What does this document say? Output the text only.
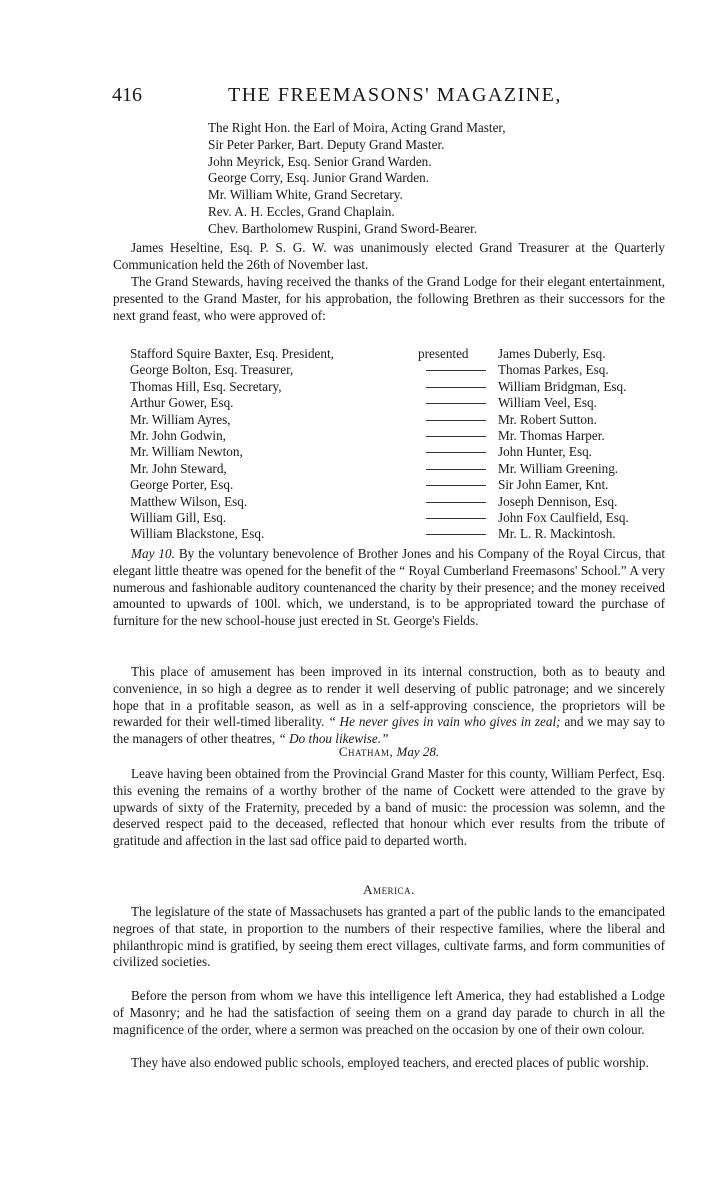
416	THE FREEMASONS' MAGAZINE,
The Right Hon. the Earl of Moira, Acting Grand Master,
Sir Peter Parker, Bart. Deputy Grand Master.
John Meyrick, Esq. Senior Grand Warden.
George Corry, Esq. Junior Grand Warden.
Mr. William White, Grand Secretary.
Rev. A. H. Eccles, Grand Chaplain.
Chev. Bartholomew Ruspini, Grand Sword-Bearer.
James Heseltine, Esq. P. S. G. W. was unanimously elected Grand Treasurer at the Quarterly Communication held the 26th of November last.
The Grand Stewards, having received the thanks of the Grand Lodge for their elegant entertainment, presented to the Grand Master, for his approbation, the following Brethren as their successors for the next grand feast, who were approved of:
Stafford Squire Baxter, Esq. President,	presented James Duberly, Esq.
George Bolton, Esq. Treasurer,	Thomas Parkes, Esq.
Thomas Hill, Esq. Secretary,	William Bridgman, Esq.
Arthur Gower, Esq.	William Veel, Esq.
Mr. William Ayres,	Mr. Robert Sutton.
Mr. John Godwin,	Mr. Thomas Harper.
Mr. William Newton,	John Hunter, Esq.
Mr. John Steward,	Mr. William Greening.
George Porter, Esq.	Sir John Eamer, Knt.
Matthew Wilson, Esq.	Joseph Dennison, Esq.
William Gill, Esq.	John Fox Caulfield, Esq.
William Blackstone, Esq.	Mr. L. R. Mackintosh.
May 10. By the voluntary benevolence of Brother Jones and his Company of the Royal Circus, that elegant little theatre was opened for the benefit of the “ Royal Cumberland Freemasons' School.” A very numerous and fashionable auditory countenanced the charity by their presence; and the money received amounted to upwards of 100l. which, we understand, is to be appropriated toward the purchase of furniture for the new school-house just erected in St. George's Fields.
This place of amusement has been improved in its internal construction, both as to beauty and convenience, in so high a degree as to render it well deserving of public patronage; and we sincerely hope that in a profitable season, as well as in a self-approving conscience, the proprietors will be rewarded for their well-timed liberality. “ He never gives in vain who gives in zeal; and we may say to the managers of other theatres, “ Do thou likewise.”
Chatham, May 28.
Leave having been obtained from the Provincial Grand Master for this county, William Perfect, Esq. this evening the remains of a worthy brother of the name of Cockett were attended to the grave by upwards of sixty of the Fraternity, preceded by a band of music: the procession was solemn, and the deserved respect paid to the deceased, reflected that honour which ever results from the tribute of gratitude and affection in the last sad office paid to departed worth.
America.
The legislature of the state of Massachusets has granted a part of the public lands to the emancipated negroes of that state, in proportion to the numbers of their respective families, where the liberal and philanthropic mind is gratified, by seeing them erect villages, cultivate farms, and form communities of civilized societies.
Before the person from whom we have this intelligence left America, they had established a Lodge of Masonry; and he had the satisfaction of seeing them on a grand day parade to church in all the magnificence of the order, where a sermon was preached on the occasion by one of their own colour.
They have also endowed public schools, employed teachers, and erected places of public worship.
